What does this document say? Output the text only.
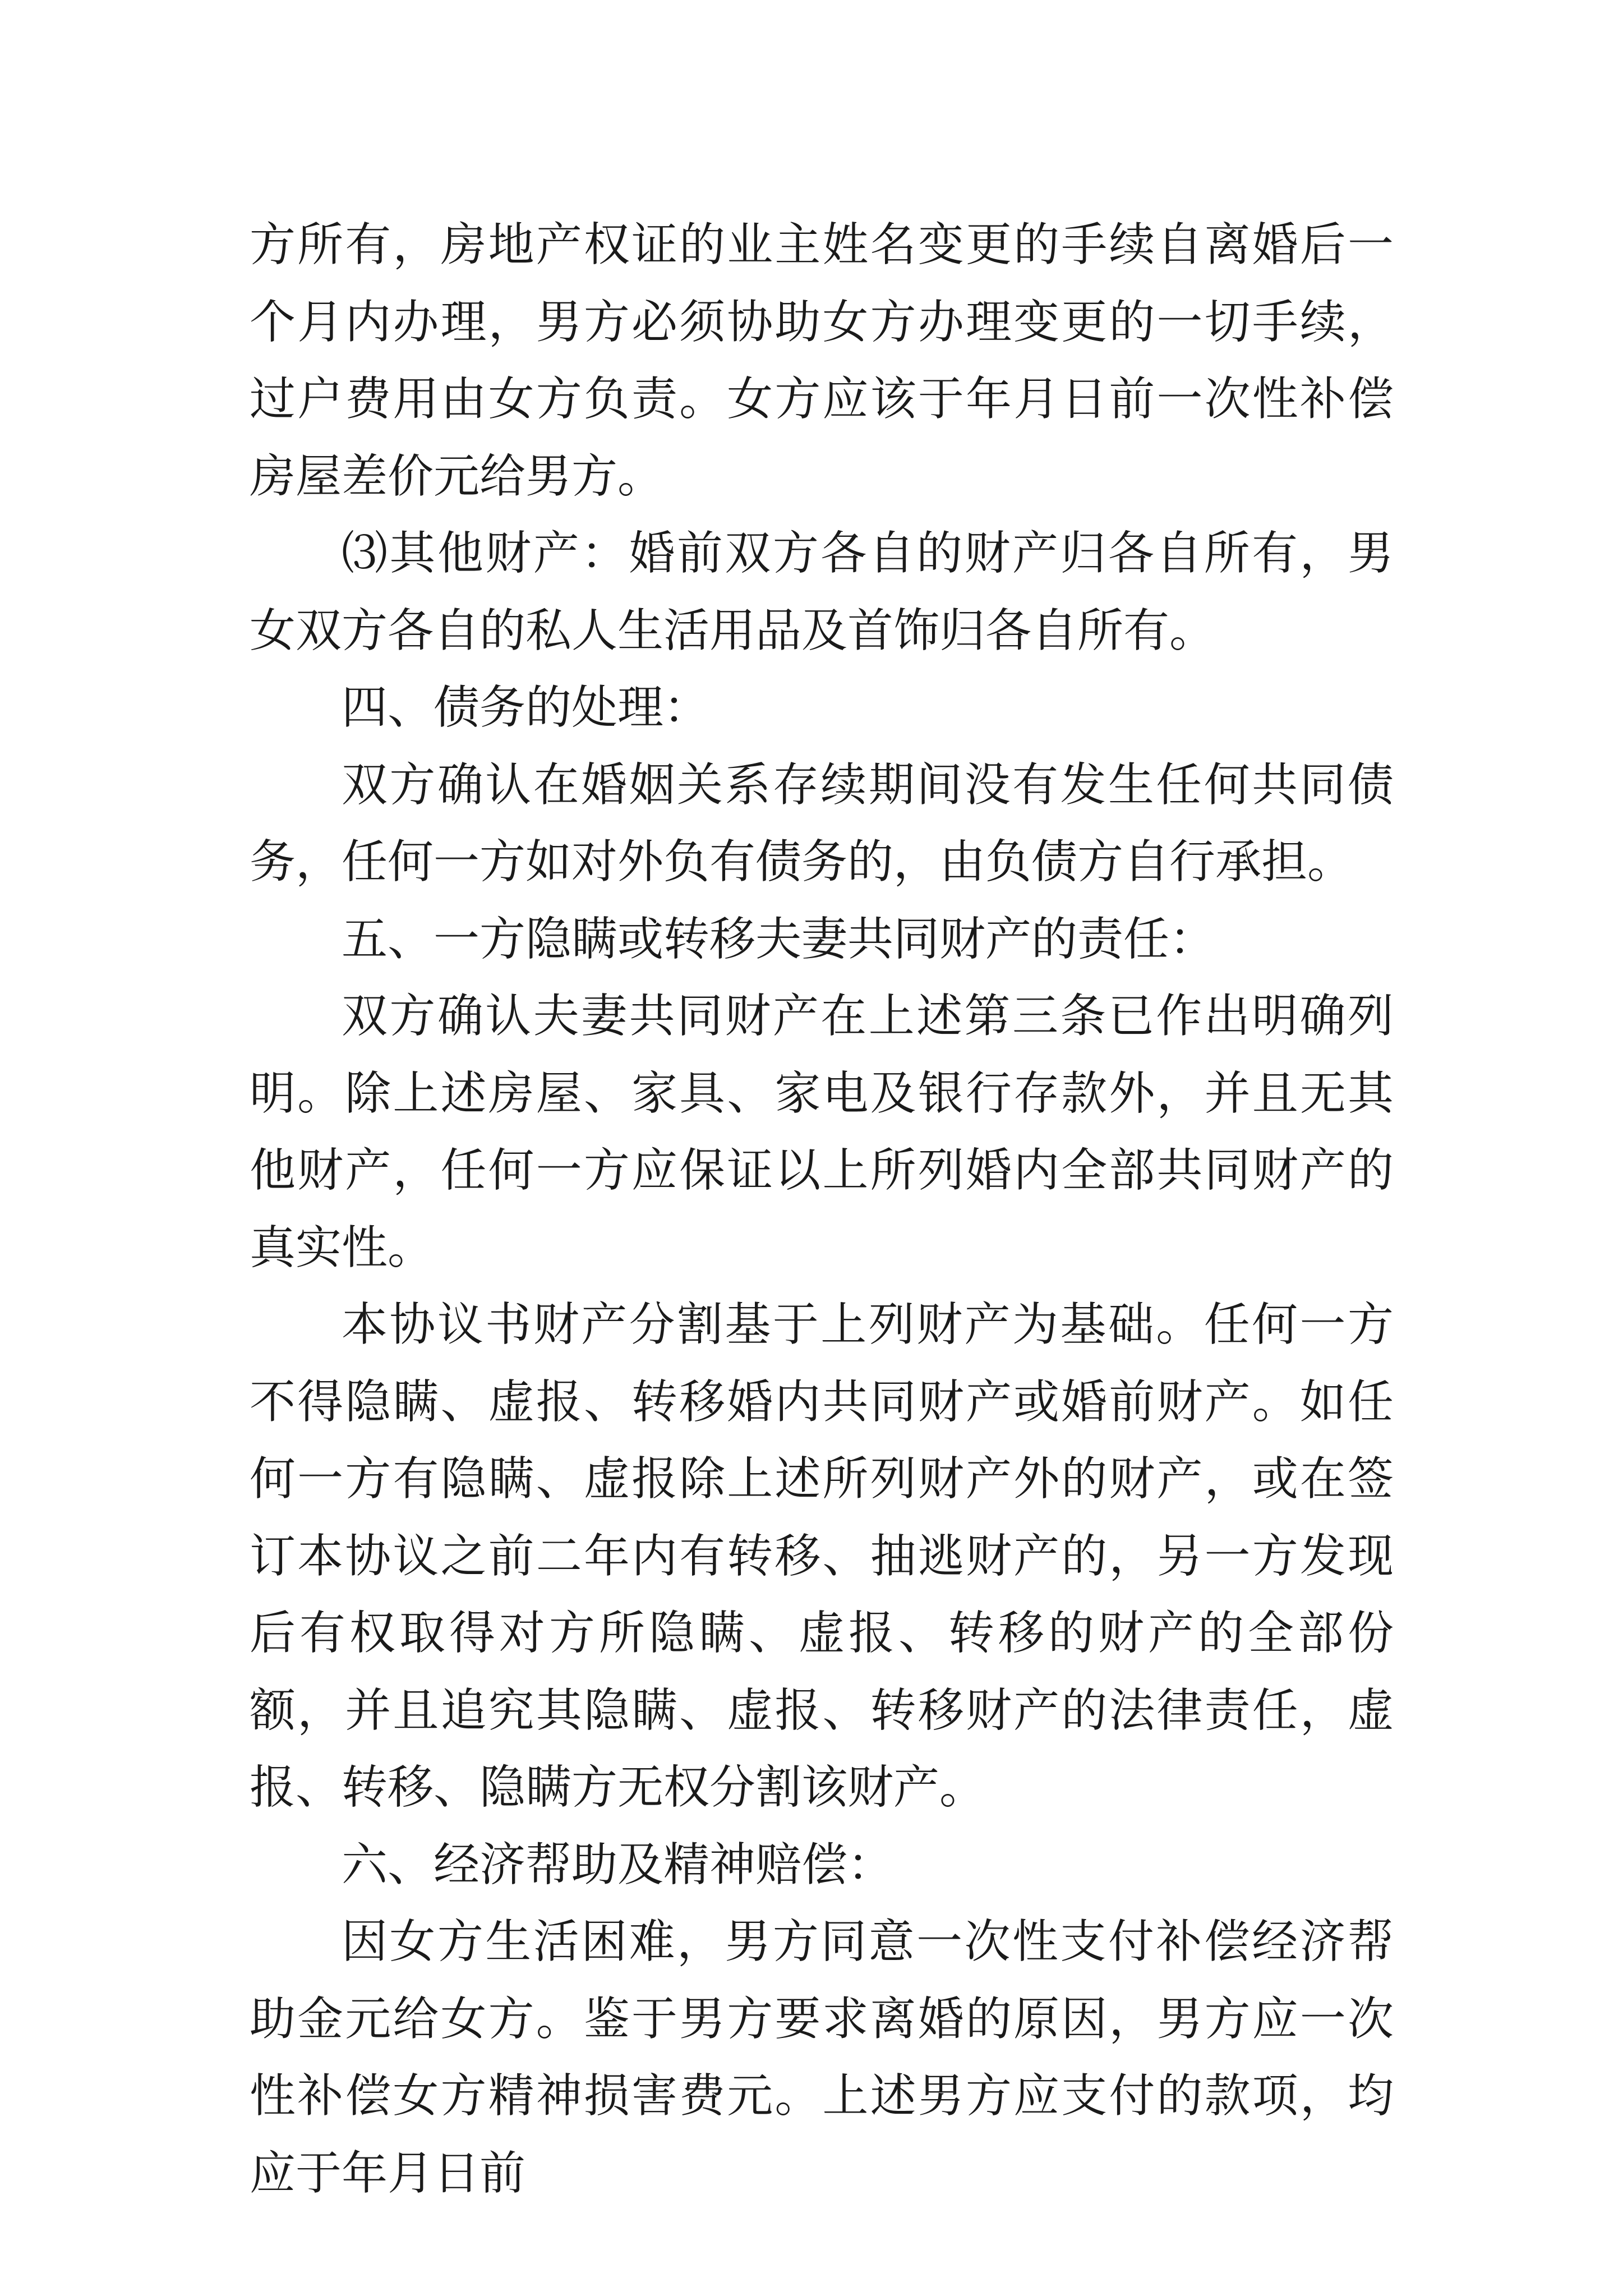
方所有，房地产权证的业主姓名变更的手续自离婚后一个月内办理，男方必须协助女方办理变更的一切手续，过户费用由女方负责。女方应该于年月日前一次性补偿房屋差价元给男方。

⑶其他财产：婚前双方各自的财产归各自所有，男女双方各自的私人生活用品及首饰归各自所有。

四、债务的处理：

双方确认在婚姻关系存续期间没有发生任何共同债务，任何一方如对外负有债务的，由负债方自行承担。

五、一方隐瞒或转移夫妻共同财产的责任：

双方确认夫妻共同财产在上述第三条已作出明确列明。除上述房屋、家具、家电及银行存款外，并且无其他财产，任何一方应保证以上所列婚内全部共同财产的真实性。

本协议书财产分割基于上列财产为基础。任何一方不得隐瞒、虚报、转移婚内共同财产或婚前财产。如任何一方有隐瞒、虚报除上述所列财产外的财产，或在签订本协议之前二年内有转移、抽逃财产的，另一方发现后有权取得对方所隐瞒、虚报、转移的财产的全部份额，并且追究其隐瞒、虚报、转移财产的法律责任，虚报、转移、隐瞒方无权分割该财产。

六、经济帮助及精神赔偿：

因女方生活困难，男方同意一次性支付补偿经济帮助金元给女方。鉴于男方要求离婚的原因，男方应一次性补偿女方精神损害费元。上述男方应支付的款项，均应于年月日前
